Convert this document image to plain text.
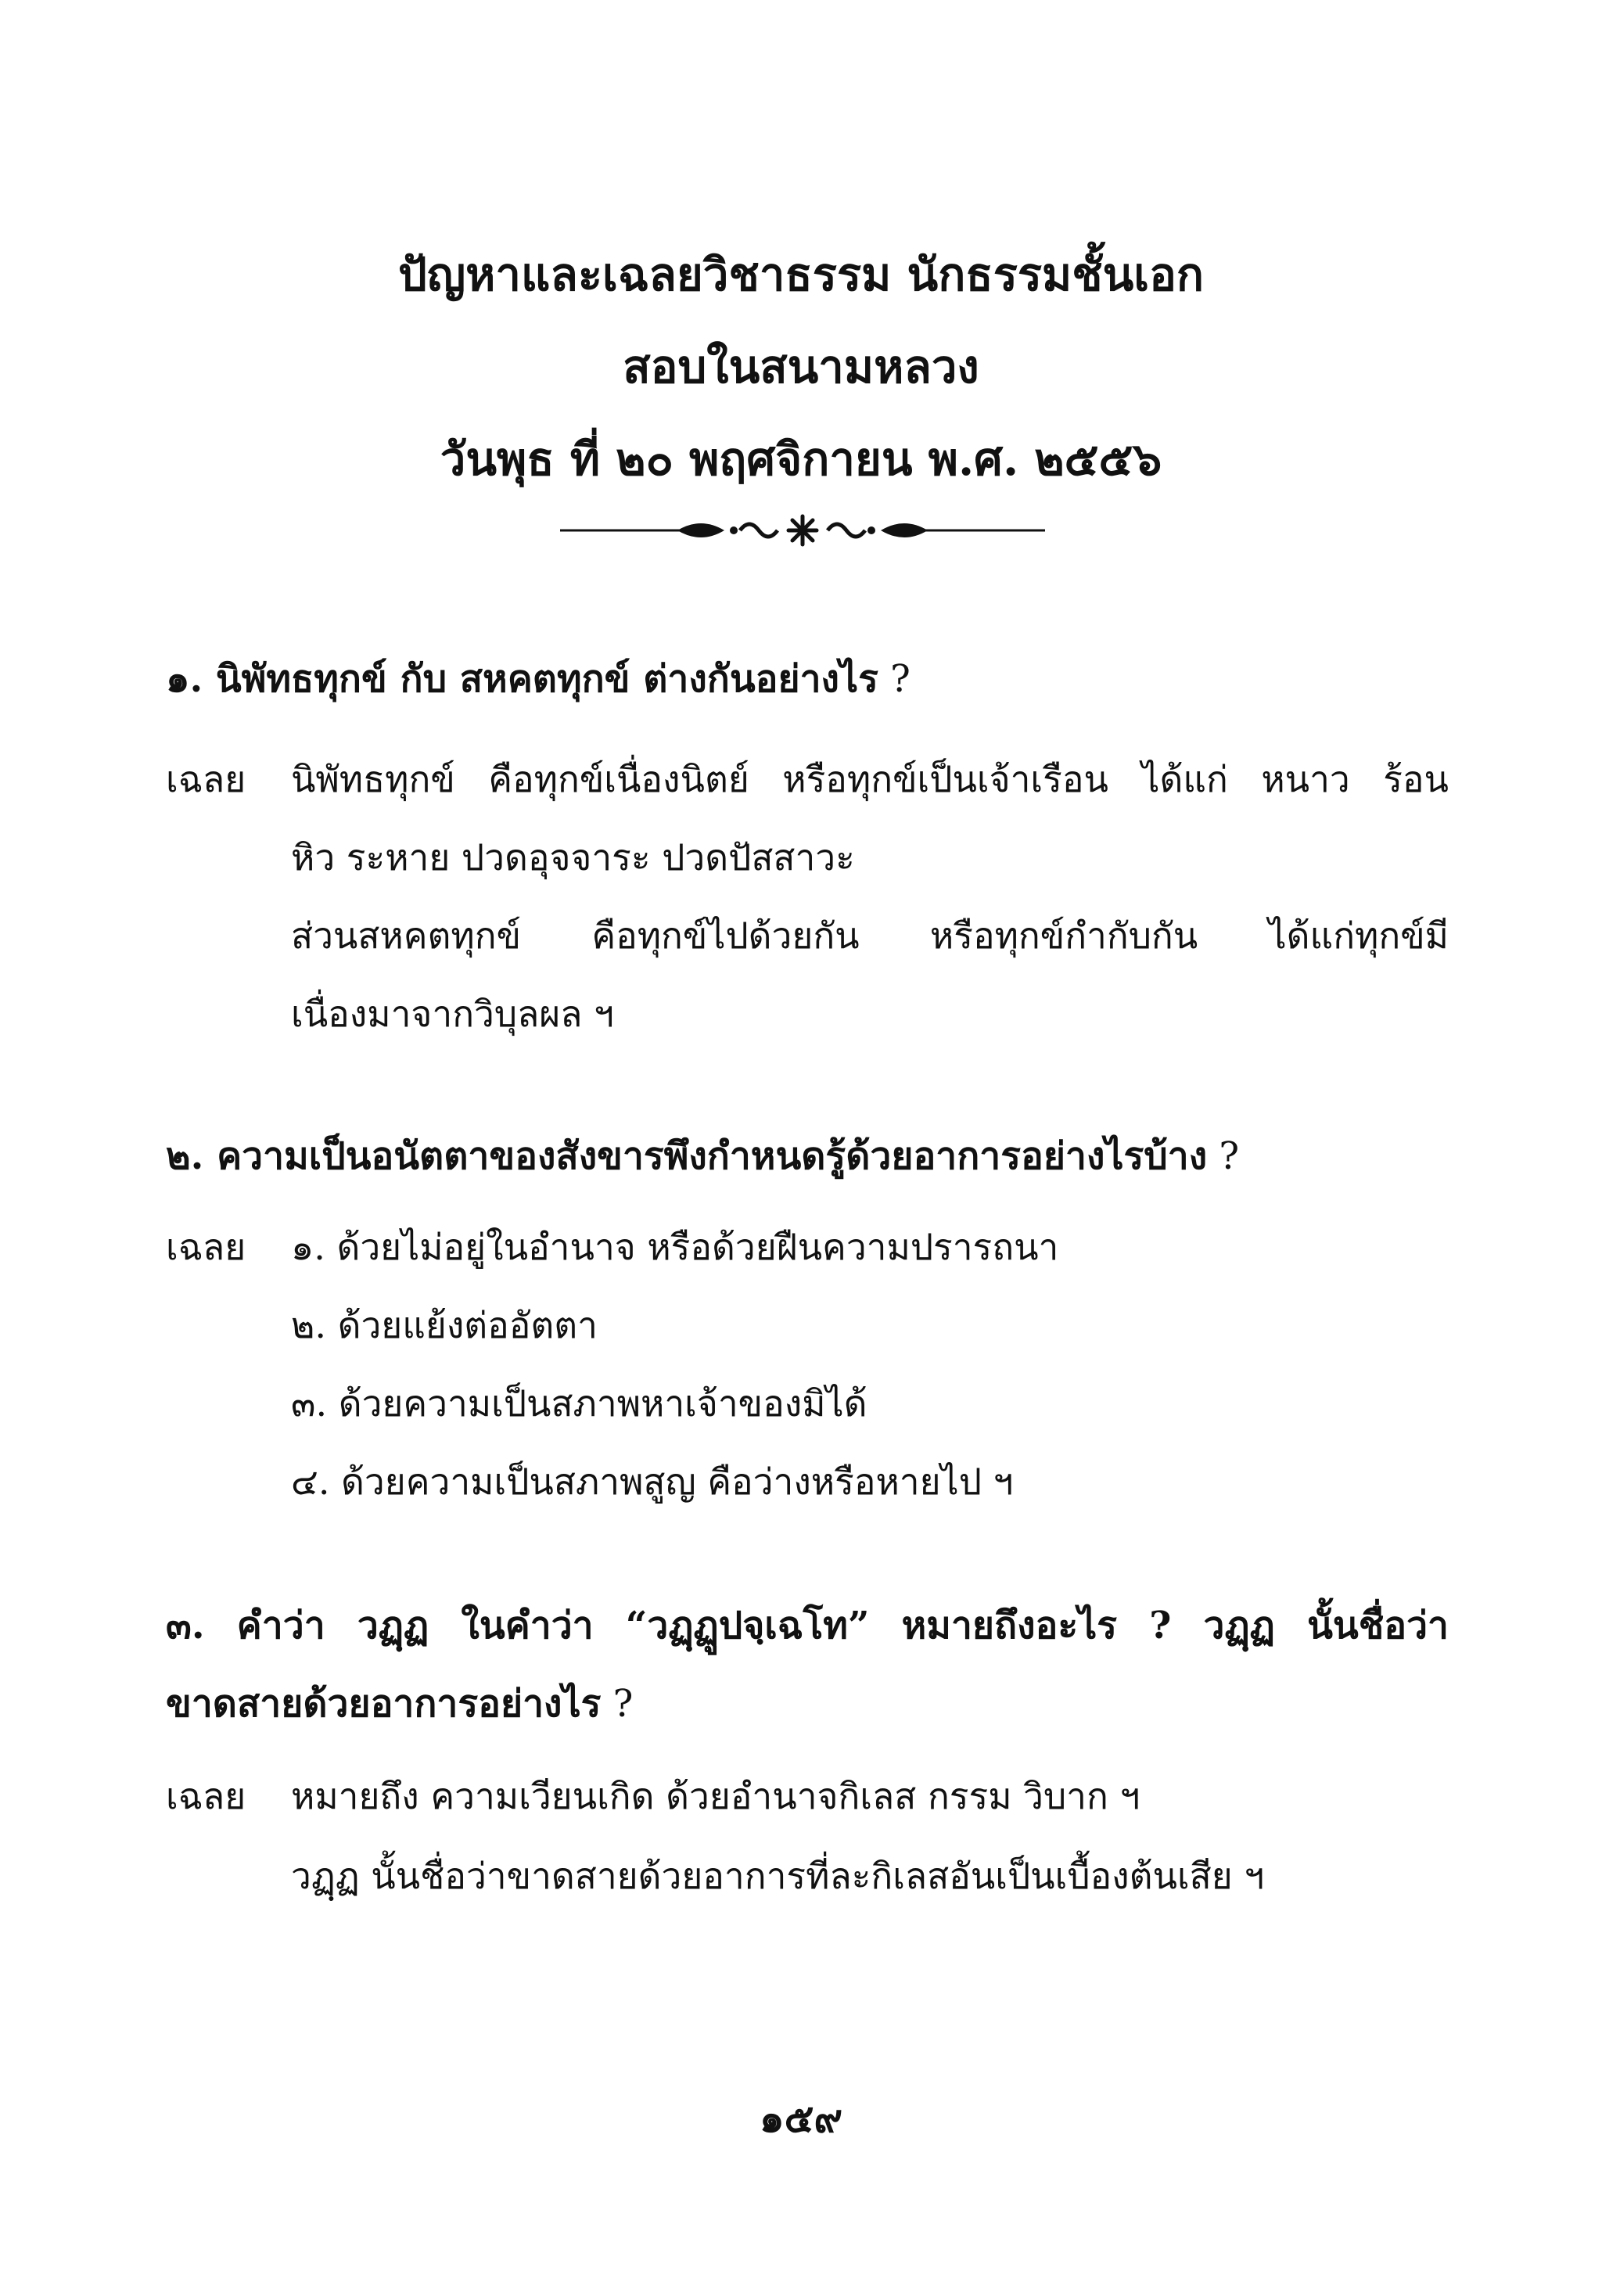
ปัญหาและเฉลยวิชาธรรม นักธรรมชั้นเอก
สอบในสนามหลวง
วันพุธ ที่ ๒๐ พฤศจิกายน พ.ศ. ๒๕๕๖
๑. นิพัทธทุกข์ กับ สหคตทุกข์ ต่างกันอย่างไร ?
เฉลย นิพัทธทุกข์ คือทุกข์เนื่องนิตย์ หรือทุกข์เป็นเจ้าเรือน ได้แก่ หนาว ร้อน
หิว ระหาย ปวดอุจจาระ ปวดปัสสาวะ
ส่วนสหคตทุกข์ คือทุกข์ไปด้วยกัน หรือทุกข์กำกับกัน ได้แก่ทุกข์มี
เนื่องมาจากวิบุลผล ฯ
๒. ความเป็นอนัตตาของสังขารพึงกำหนดรู้ด้วยอาการอย่างไรบ้าง ?
เฉลย ๑. ด้วยไม่อยู่ในอำนาจ หรือด้วยฝืนความปรารถนา
๒. ด้วยแย้งต่ออัตตา
๓. ด้วยความเป็นสภาพหาเจ้าของมิได้
๔. ด้วยความเป็นสภาพสูญ คือว่างหรือหายไป ฯ
๓. คำว่า วฏฺฏ ในคำว่า “วฏฺฏูปจฺเฉโท” หมายถึงอะไร ? วฏฺฏ นั้นชื่อว่า
ขาดสายด้วยอาการอย่างไร ?
เฉลย หมายถึง ความเวียนเกิด ด้วยอำนาจกิเลส กรรม วิบาก ฯ
วฏฺฏ นั้นชื่อว่าขาดสายด้วยอาการที่ละกิเลสอันเป็นเบื้องต้นเสีย ฯ
๑๕๙
